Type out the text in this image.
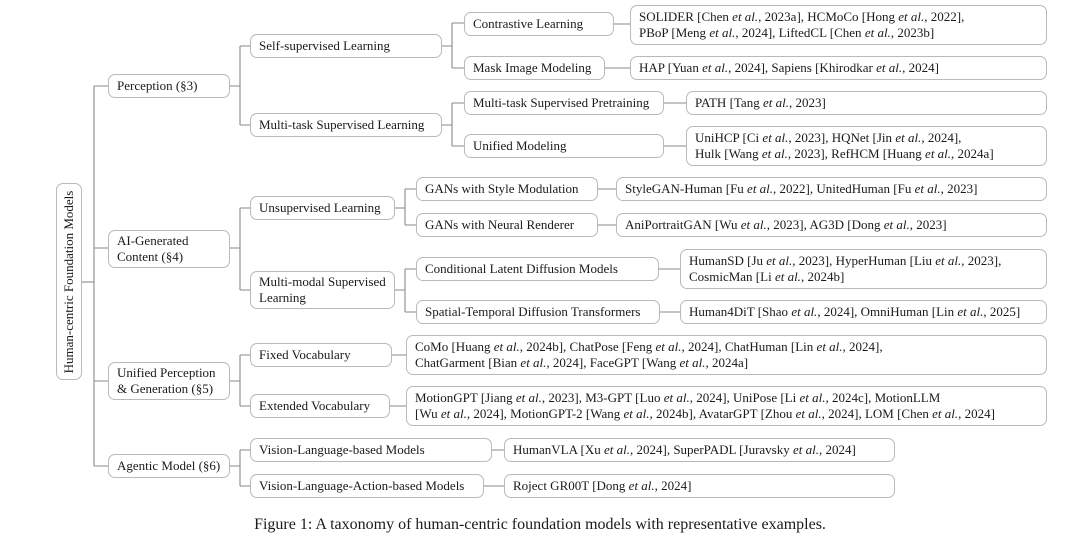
Human-centric Foundation Models
Perception (§3)
AI-Generated
Content (§4)
Unified Perception
& Generation (§5)
Agentic Model (§6)
Self-supervised Learning
Multi-task Supervised Learning
Unsupervised Learning
Multi-modal Supervised
Learning
Fixed Vocabulary
Extended Vocabulary
Vision-Language-based Models
Vision-Language-Action-based Models
Contrastive Learning
Mask Image Modeling
Multi-task Supervised Pretraining
Unified Modeling
GANs with Style Modulation
GANs with Neural Renderer
Conditional Latent Diffusion Models
Spatial-Temporal Diffusion Transformers
SOLIDER [Chen et al., 2023a], HCMoCo [Hong et al., 2022],
PBoP [Meng et al., 2024], LiftedCL [Chen et al., 2023b]
HAP [Yuan et al., 2024], Sapiens [Khirodkar et al., 2024]
PATH [Tang et al., 2023]
UniHCP [Ci et al., 2023], HQNet [Jin et al., 2024],
Hulk [Wang et al., 2023], RefHCM [Huang et al., 2024a]
StyleGAN-Human [Fu et al., 2022], UnitedHuman [Fu et al., 2023]
AniPortraitGAN [Wu et al., 2023], AG3D [Dong et al., 2023]
HumanSD [Ju et al., 2023], HyperHuman [Liu et al., 2023],
CosmicMan [Li et al., 2024b]
Human4DiT [Shao et al., 2024], OmniHuman [Lin et al., 2025]
CoMo [Huang et al., 2024b], ChatPose [Feng et al., 2024], ChatHuman [Lin et al., 2024],
ChatGarment [Bian et al., 2024], FaceGPT [Wang et al., 2024a]
MotionGPT [Jiang et al., 2023], M3-GPT [Luo et al., 2024], UniPose [Li et al., 2024c], MotionLLM
[Wu et al., 2024], MotionGPT-2 [Wang et al., 2024b], AvatarGPT [Zhou et al., 2024], LOM [Chen et al., 2024]
HumanVLA [Xu et al., 2024], SuperPADL [Juravsky et al., 2024]
Roject GR00T [Dong et al., 2024]
Figure 1: A taxonomy of human-centric foundation models with representative examples.
